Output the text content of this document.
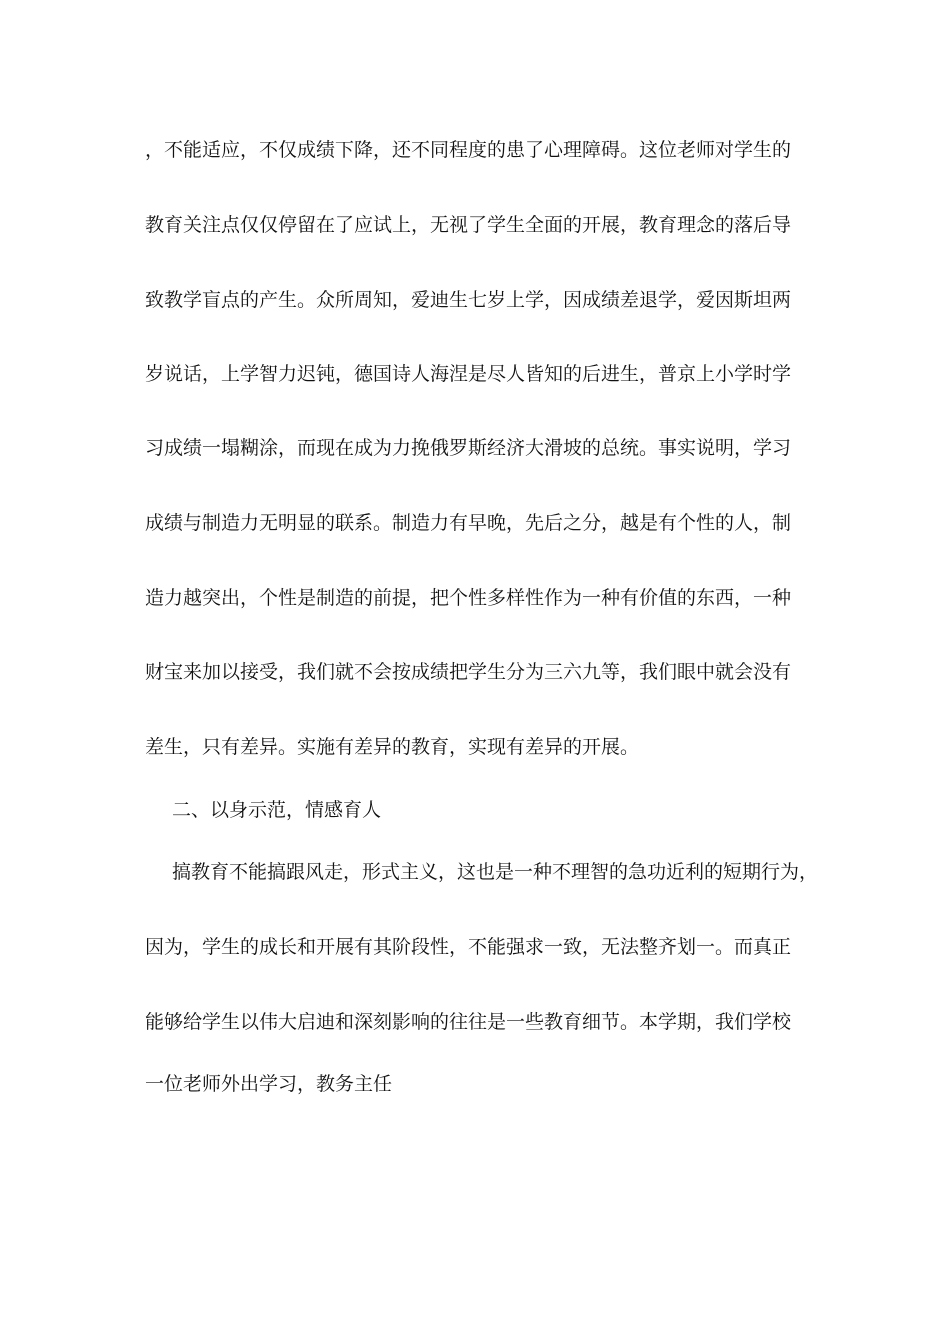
，不能适应，不仅成绩下降，还不同程度的患了心理障碍。这位老师对学生的
教育关注点仅仅停留在了应试上，无视了学生全面的开展，教育理念的落后导
致教学盲点的产生。众所周知，爱迪生七岁上学，因成绩差退学，爱因斯坦两
岁说话，上学智力迟钝，德国诗人海涅是尽人皆知的后进生，普京上小学时学
习成绩一塌糊涂，而现在成为力挽俄罗斯经济大滑坡的总统。事实说明，学习
成绩与制造力无明显的联系。制造力有早晚，先后之分，越是有个性的人，制
造力越突出，个性是制造的前提，把个性多样性作为一种有价值的东西，一种
财宝来加以接受，我们就不会按成绩把学生分为三六九等，我们眼中就会没有
差生，只有差异。实施有差异的教育，实现有差异的开展。
二、以身示范，情感育人
搞教育不能搞跟风走，形式主义，这也是一种不理智的急功近利的短期行为，
因为，学生的成长和开展有其阶段性，不能强求一致，无法整齐划一。而真正
能够给学生以伟大启迪和深刻影响的往往是一些教育细节。本学期，我们学校
一位老师外出学习，教务主任
